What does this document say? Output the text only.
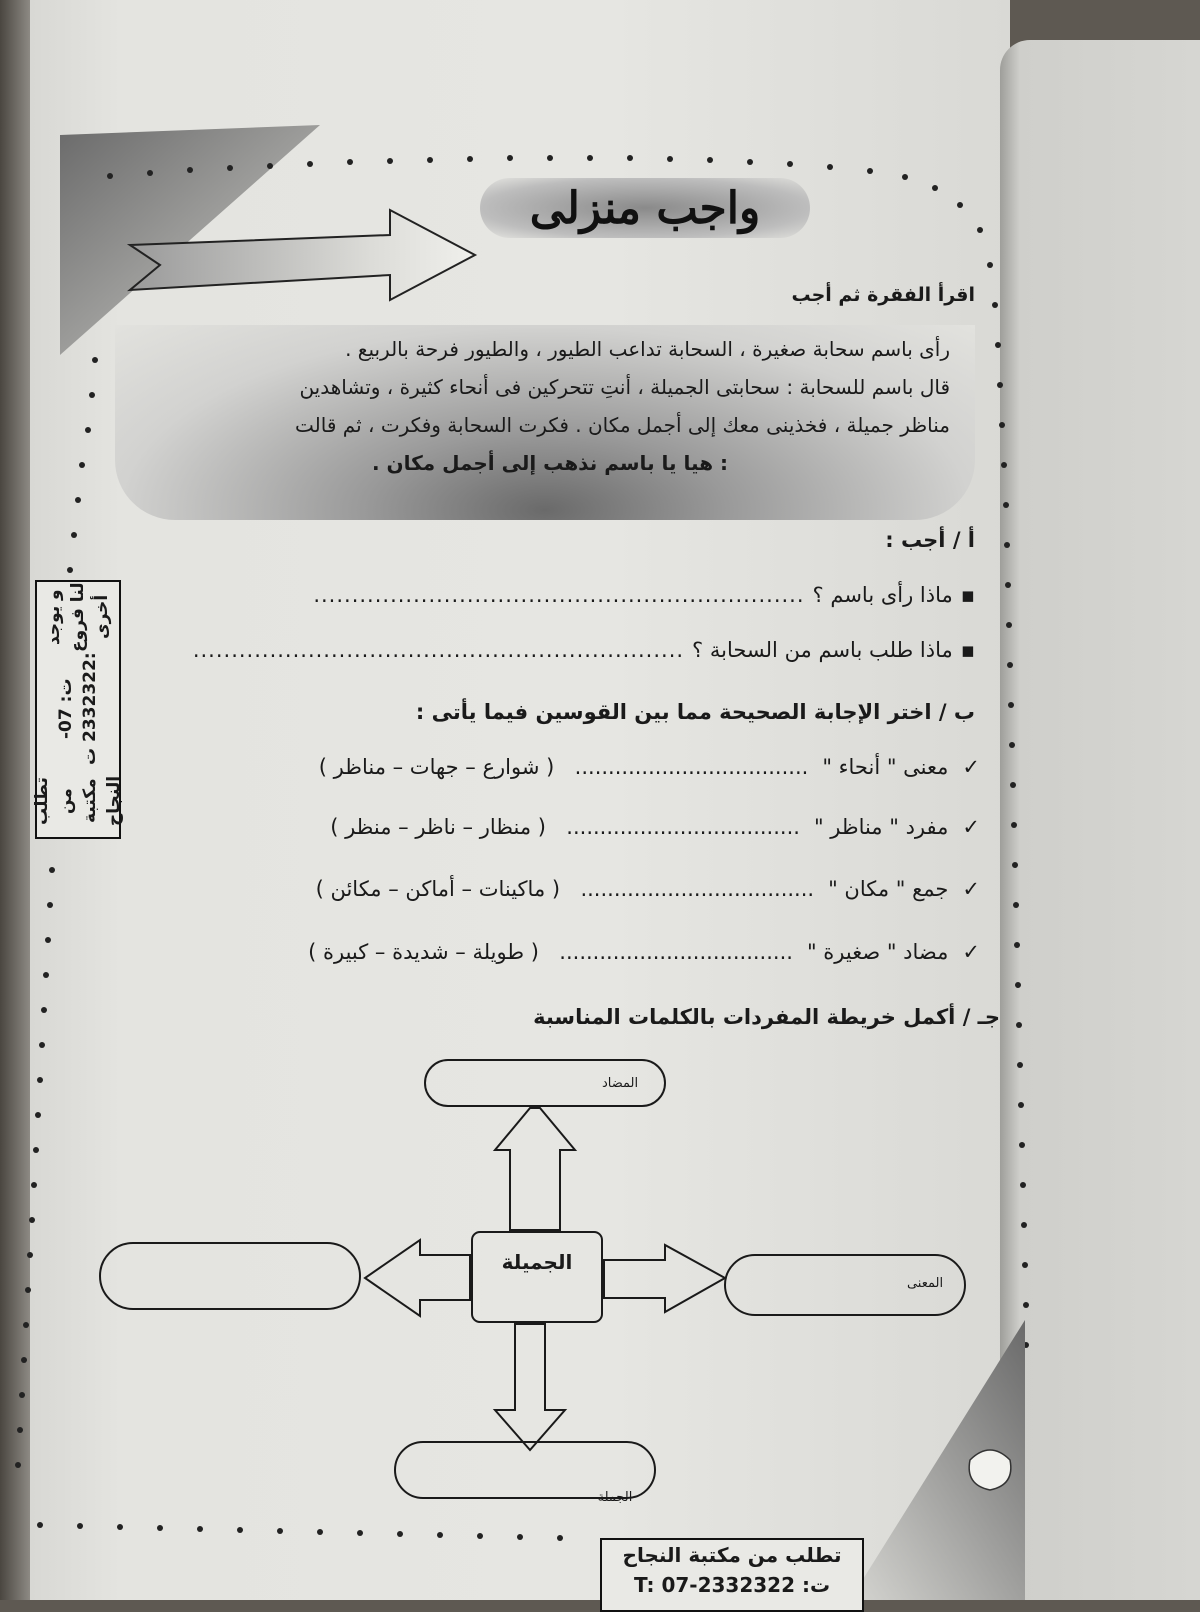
واجب منزلى
اقرأ الفقرة ثم أجب
رأى باسم سحابة صغيرة ، السحابة تداعب الطيور ، والطيور فرحة بالربيع .
قال باسم للسحابة : سحابتى الجميلة ، أنتِ تتحركين فى أنحاء كثيرة ، وتشاهدين
مناظر جميلة ، فخذينى معك إلى أجمل مكان . فكرت السحابة وفكرت ، ثم قالت
: هيا يا باسم نذهب إلى أجمل مكان .
أ / أجب :
▪
ماذا رأى باسم ؟
................................................................
▪
ماذا طلب باسم من السحابة ؟
................................................................
ب / اختر الإجابة الصحيحة مما بين القوسين فيما يأتى :
✓
معنى " أنحاء "
...................................
( شوارع – جهات – مناظر )
✓
مفرد " مناظر "
...................................
( منظار – ناظر – منظر )
✓
جمع " مكان "
...................................
( ماكينات – أماكن – مكائن )
✓
مضاد " صغيرة "
...................................
( طويلة – شديدة – كبيرة )
جـ / أكمل خريطة المفردات بالكلمات المناسبة
الجميلة
المضاد
المعنى
الجملة
تطلب من مكتبة النجاح
ت: 07-2332322 ت:
و يوجد لنا فروع أخرى
تطلب من مكتبة النجاح
T: 07-2332322 :ت
